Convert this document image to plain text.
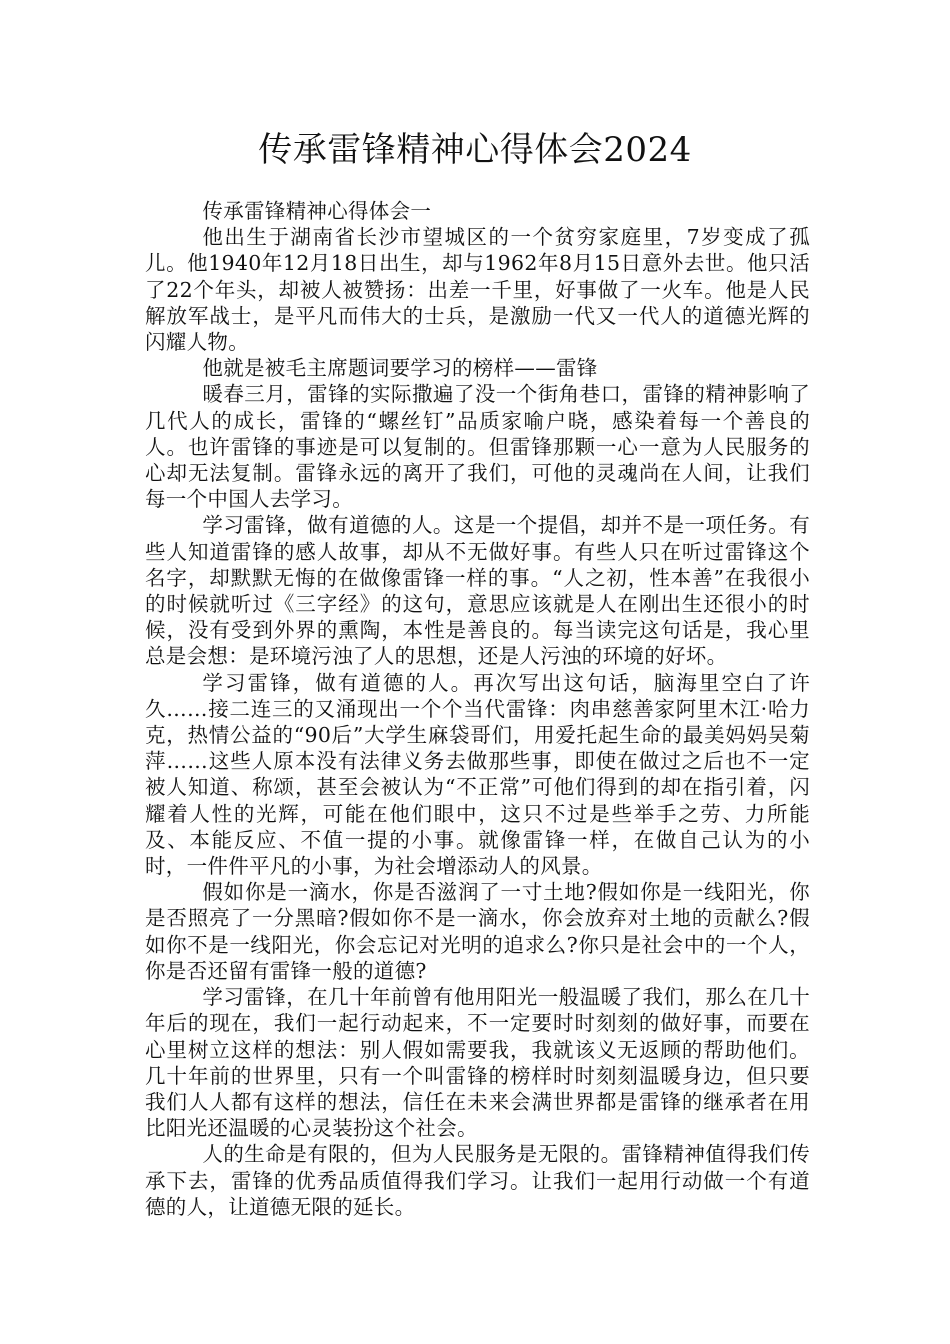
传承雷锋精神心得体会2024

传承雷锋精神心得体会一

他出生于湖南省长沙市望城区的一个贫穷家庭里，7岁变成了孤儿。他1940年12月18日出生，却与1962年8月15日意外去世。他只活了22个年头，却被人被赞扬：出差一千里，好事做了一火车。他是人民解放军战士，是平凡而伟大的士兵，是激励一代又一代人的道德光辉的闪耀人物。

他就是被毛主席题词要学习的榜样——雷锋

暖春三月，雷锋的实际撒遍了没一个街角巷口，雷锋的精神影响了几代人的成长，雷锋的“螺丝钉”品质家喻户晓，感染着每一个善良的人。也许雷锋的事迹是可以复制的。但雷锋那颗一心一意为人民服务的心却无法复制。雷锋永远的离开了我们，可他的灵魂尚在人间，让我们每一个中国人去学习。

学习雷锋，做有道德的人。这是一个提倡，却并不是一项任务。有些人知道雷锋的感人故事，却从不无做好事。有些人只在听过雷锋这个名字，却默默无悔的在做像雷锋一样的事。“人之初，性本善”在我很小的时候就听过《三字经》的这句，意思应该就是人在刚出生还很小的时候，没有受到外界的熏陶，本性是善良的。每当读完这句话是，我心里总是会想：是环境污浊了人的思想，还是人污浊的环境的好坏。

学习雷锋，做有道德的人。再次写出这句话，脑海里空白了许久……接二连三的又涌现出一个个当代雷锋：肉串慈善家阿里木江·哈力克，热情公益的“90后”大学生麻袋哥们，用爱托起生命的最美妈妈吴菊萍……这些人原本没有法律义务去做那些事，即使在做过之后也不一定被人知道、称颂，甚至会被认为“不正常”可他们得到的却在指引着，闪耀着人性的光辉，可能在他们眼中，这只不过是些举手之劳、力所能及、本能反应、不值一提的小事。就像雷锋一样，在做自己认为的小时，一件件平凡的小事，为社会增添动人的风景。

假如你是一滴水，你是否滋润了一寸土地?假如你是一线阳光，你是否照亮了一分黑暗?假如你不是一滴水，你会放弃对土地的贡献么?假如你不是一线阳光，你会忘记对光明的追求么?你只是社会中的一个人，你是否还留有雷锋一般的道德?

学习雷锋，在几十年前曾有他用阳光一般温暖了我们，那么在几十年后的现在，我们一起行动起来，不一定要时时刻刻的做好事，而要在心里树立这样的想法：别人假如需要我，我就该义无返顾的帮助他们。几十年前的世界里，只有一个叫雷锋的榜样时时刻刻温暖身边，但只要我们人人都有这样的想法，信任在未来会满世界都是雷锋的继承者在用比阳光还温暖的心灵装扮这个社会。

人的生命是有限的，但为人民服务是无限的。雷锋精神值得我们传承下去，雷锋的优秀品质值得我们学习。让我们一起用行动做一个有道德的人，让道德无限的延长。
